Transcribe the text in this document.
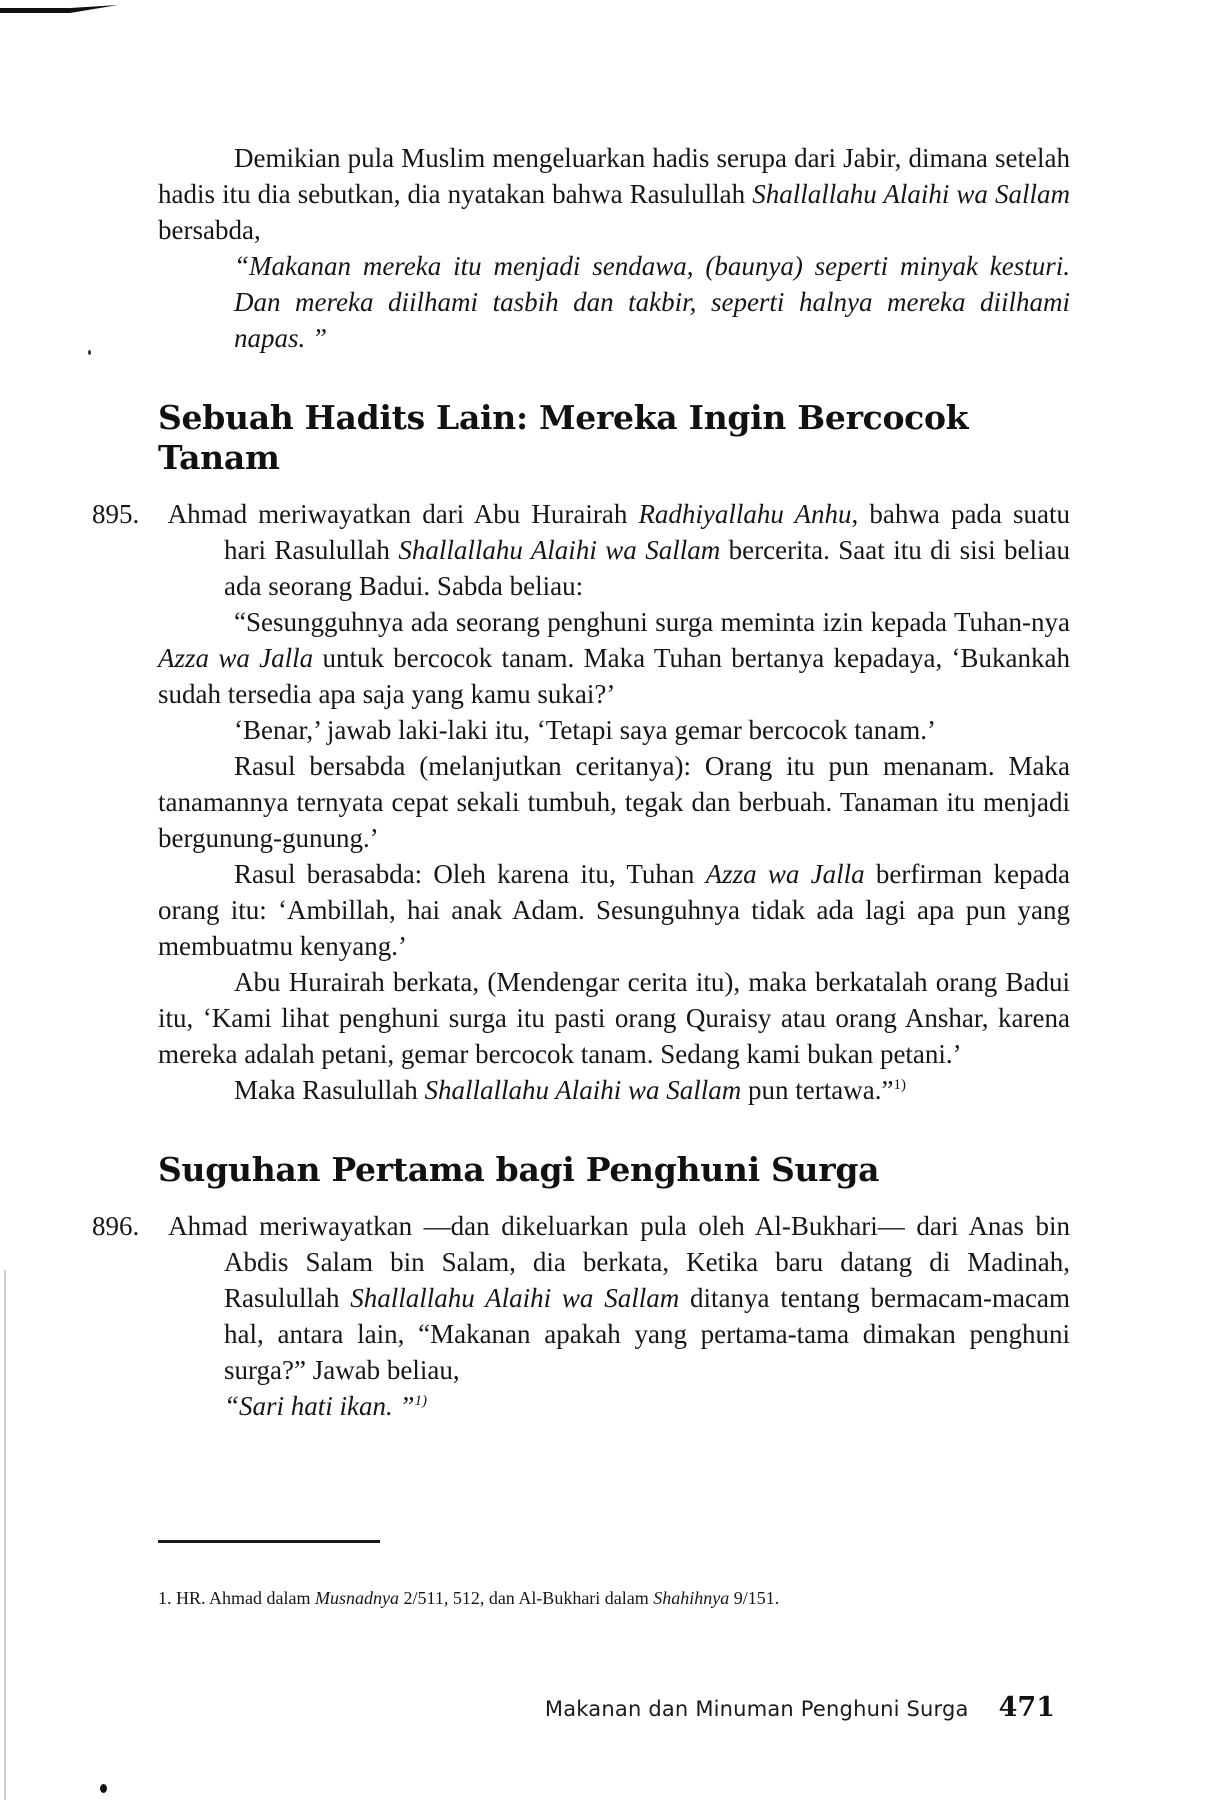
Demikian pula Muslim mengeluarkan hadis serupa dari Jabir, dimana setelah hadis itu dia sebutkan, dia nyatakan bahwa Rasulullah Shallallahu Alaihi wa Sallam bersabda,

“Makanan mereka itu menjadi sendawa, (baunya) seperti minyak kesturi. Dan mereka diilhami tasbih dan takbir, seperti halnya mereka diilhami napas. ”

Sebuah Hadits Lain: Mereka Ingin Bercocok Tanam

895. Ahmad meriwayatkan dari Abu Hurairah Radhiyallahu Anhu, bahwa pada suatu hari Rasulullah Shallallahu Alaihi wa Sallam bercerita. Saat itu di sisi beliau ada seorang Badui. Sabda beliau:

“Sesungguhnya ada seorang penghuni surga meminta izin kepada Tuhan-nya Azza wa Jalla untuk bercocok tanam. Maka Tuhan bertanya kepadaya, ‘Bukankah sudah tersedia apa saja yang kamu sukai?’

‘Benar,’ jawab laki-laki itu, ‘Tetapi saya gemar bercocok tanam.’

Rasul bersabda (melanjutkan ceritanya): Orang itu pun menanam. Maka tanamannya ternyata cepat sekali tumbuh, tegak dan berbuah. Tanaman itu menjadi bergunung-gunung.’

Rasul berasabda: Oleh karena itu, Tuhan Azza wa Jalla berfirman kepada orang itu: ‘Ambillah, hai anak Adam. Sesunguhnya tidak ada lagi apa pun yang membuatmu kenyang.’

Abu Hurairah berkata, (Mendengar cerita itu), maka berkatalah orang Badui itu, ‘Kami lihat penghuni surga itu pasti orang Quraisy atau orang Anshar, karena mereka adalah petani, gemar bercocok tanam. Sedang kami bukan petani.’

Maka Rasulullah Shallallahu Alaihi wa Sallam pun tertawa.”$^{1)}$

Suguhan Pertama bagi Penghuni Surga

896. Ahmad meriwayatkan —dan dikeluarkan pula oleh Al-Bukhari— dari Anas bin Abdis Salam bin Salam, dia berkata, Ketika baru datang di Madinah, Rasulullah Shallallahu Alaihi wa Sallam ditanya tentang bermacam-macam hal, antara lain, “Makanan apakah yang pertama-tama dimakan penghuni surga?” Jawab beliau,

“Sari hati ikan. ”$^{1)}$

1. HR. Ahmad dalam Musnadnya 2/511, 512, dan Al-Bukhari dalam Shahihnya 9/151.

Makanan dan Minuman Penghuni Surga 471
